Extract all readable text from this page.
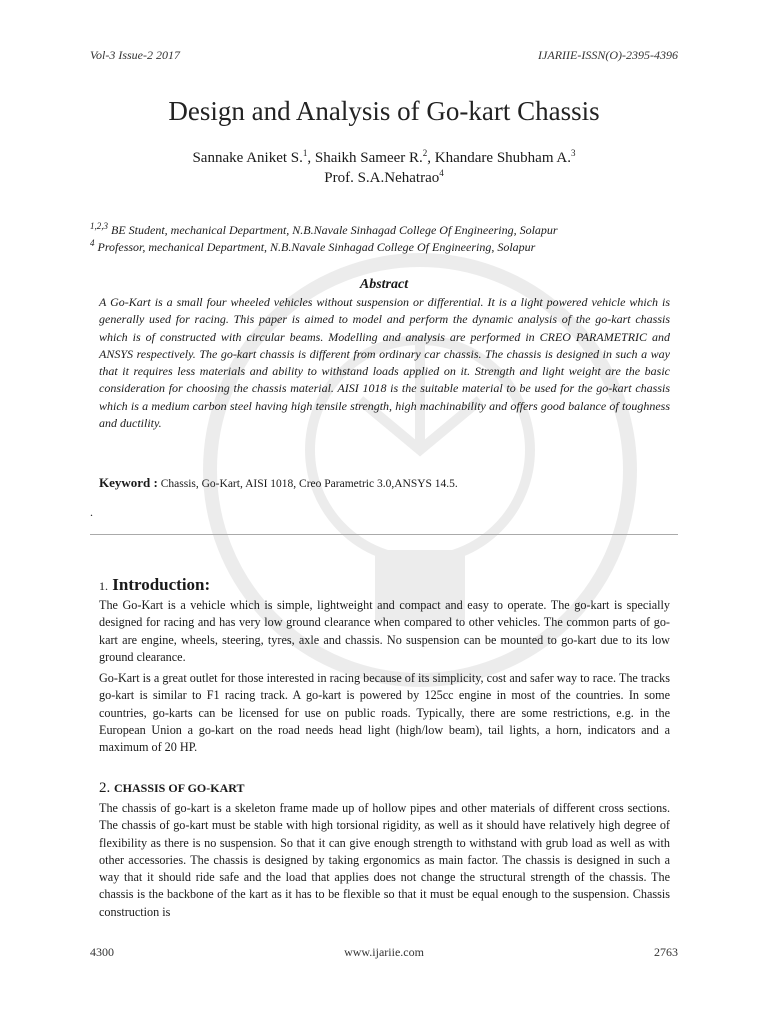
Vol-3 Issue-2 2017	IJARIIE-ISSN(O)-2395-4396
Design and Analysis of Go-kart Chassis
Sannake Aniket S.$^1$, Shaikh Sameer R.$^2$, Khandare Shubham A.$^3$
Prof. S.A.Nehatrao$^4$
$^{1,2,3}$ BE Student, mechanical Department, N.B.Navale Sinhagad College Of Engineering, Solapur
$^4$ Professor, mechanical Department, N.B.Navale Sinhagad College Of Engineering, Solapur
Abstract
A Go-Kart is a small four wheeled vehicles without suspension or differential. It is a light powered vehicle which is generally used for racing. This paper is aimed to model and perform the dynamic analysis of the go-kart chassis which is of constructed with circular beams. Modelling and analysis are performed in CREO PARAMETRIC and ANSYS respectively. The go-kart chassis is different from ordinary car chassis. The chassis is designed in such a way that it requires less materials and ability to withstand loads applied on it. Strength and light weight are the basic consideration for choosing the chassis material. AISI 1018 is the suitable material to be used for the go-kart chassis which is a medium carbon steel having high tensile strength, high machinability and offers good balance of toughness and ductility.
Keyword : Chassis, Go-Kart, AISI 1018, Creo Parametric 3.0,ANSYS 14.5.
.
1. Introduction:
The Go-Kart is a vehicle which is simple, lightweight and compact and easy to operate. The go-kart is specially designed for racing and has very low ground clearance when compared to other vehicles. The common parts of go-kart are engine, wheels, steering, tyres, axle and chassis. No suspension can be mounted to go-kart due to its low ground clearance.
Go-Kart is a great outlet for those interested in racing because of its simplicity, cost and safer way to race. The tracks go-kart is similar to F1 racing track. A go-kart is powered by 125cc engine in most of the countries. In some countries, go-karts can be licensed for use on public roads. Typically, there are some restrictions, e.g. in the European Union a go-kart on the road needs head light (high/low beam), tail lights, a horn, indicators and a maximum of 20 HP.
2. CHASSIS OF GO-KART
The chassis of go-kart is a skeleton frame made up of hollow pipes and other materials of different cross sections. The chassis of go-kart must be stable with high torsional rigidity, as well as it should have relatively high degree of flexibility as there is no suspension. So that it can give enough strength to withstand with grub load as well as with other accessories. The chassis is designed by taking ergonomics as main factor. The chassis is designed in such a way that it should ride safe and the load that applies does not change the structural strength of the chassis. The chassis is the backbone of the kart as it has to be flexible so that it must be equal enough to the suspension. Chassis construction is
4300	www.ijariie.com	2763
